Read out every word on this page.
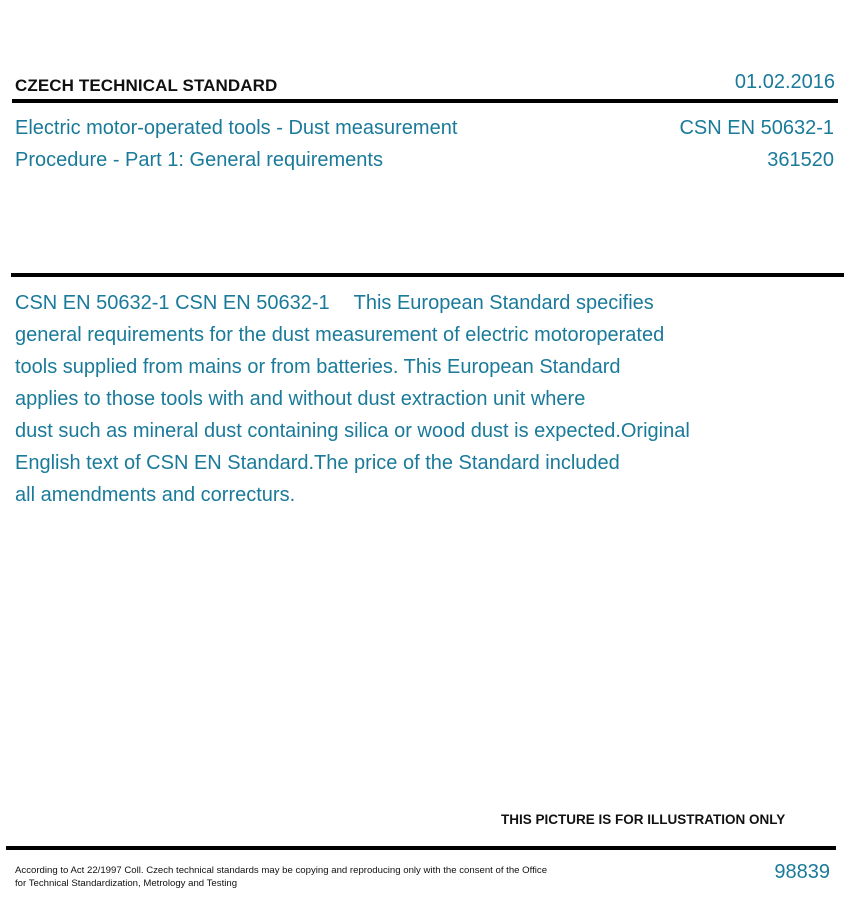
CZECH TECHNICAL STANDARD	01.02.2016
Electric motor-operated tools - Dust measurement
Procedure - Part 1: General requirements
CSN EN 50632-1
361520
CSN EN 50632-1 CSN EN 50632-1 This European Standard specifies
general requirements for the dust measurement of electric motoroperated
tools supplied from mains or from batteries. This European Standard
applies to those tools with and without dust extraction unit where
dust such as mineral dust containing silica or wood dust is expected.Original
English text of CSN EN Standard.The price of the Standard included
all amendments and correcturs.
THIS PICTURE IS FOR ILLUSTRATION ONLY
According to Act 22/1997 Coll. Czech technical standards may be copying and reproducing only with the consent of the Office
for Technical Standardization, Metrology and Testing
98839
